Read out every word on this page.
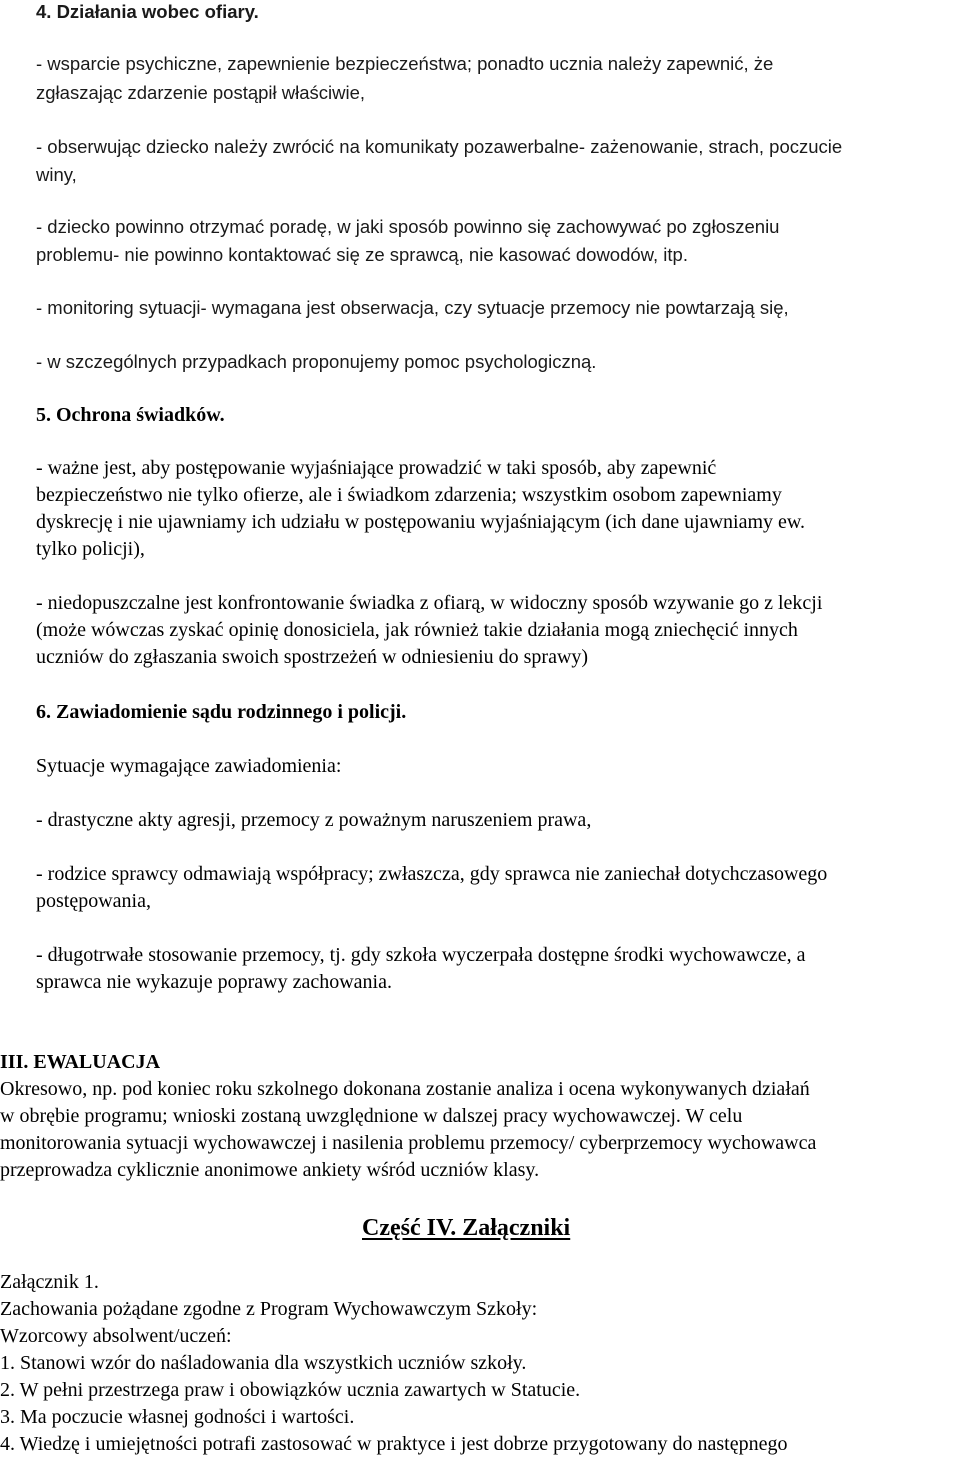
4. Działania wobec ofiary.
- wsparcie psychiczne, zapewnienie bezpieczeństwa; ponadto ucznia należy zapewnić, że
zgłaszając zdarzenie postąpił właściwie,
- obserwując dziecko należy zwrócić na komunikaty pozawerbalne- zażenowanie, strach, poczucie
winy,
- dziecko powinno otrzymać poradę, w jaki sposób powinno się zachowywać po zgłoszeniu
problemu- nie powinno kontaktować się ze sprawcą, nie kasować dowodów, itp.
- monitoring sytuacji- wymagana jest obserwacja, czy sytuacje przemocy nie powtarzają się,
- w szczególnych przypadkach proponujemy pomoc psychologiczną.
5. Ochrona świadków.
- ważne jest, aby postępowanie wyjaśniające prowadzić w taki sposób, aby zapewnić
bezpieczeństwo nie tylko ofierze, ale i świadkom zdarzenia; wszystkim osobom zapewniamy
dyskrecję i nie ujawniamy ich udziału w postępowaniu wyjaśniającym (ich dane ujawniamy ew.
tylko policji),
- niedopuszczalne jest konfrontowanie świadka z ofiarą, w widoczny sposób wzywanie go z lekcji
(może wówczas zyskać opinię donosiciela, jak również takie działania mogą zniechęcić innych
uczniów do zgłaszania swoich spostrzeżeń w odniesieniu do sprawy)
6. Zawiadomienie sądu rodzinnego i policji.
Sytuacje wymagające zawiadomienia:
- drastyczne akty agresji, przemocy z poważnym naruszeniem prawa,
- rodzice sprawcy odmawiają współpracy; zwłaszcza, gdy sprawca nie zaniechał dotychczasowego
postępowania,
- długotrwałe stosowanie przemocy, tj. gdy szkoła wyczerpała dostępne środki wychowawcze, a
sprawca nie wykazuje poprawy zachowania.
III. EWALUACJA
Okresowo, np. pod koniec roku szkolnego dokonana zostanie analiza i ocena wykonywanych działań
w obrębie programu; wnioski zostaną uwzględnione w dalszej pracy wychowawczej. W celu
monitorowania sytuacji wychowawczej i nasilenia problemu przemocy/ cyberprzemocy wychowawca
przeprowadza cyklicznie anonimowe ankiety wśród uczniów klasy.
Część IV. Załączniki
Załącznik 1.
Zachowania pożądane zgodne z Program Wychowawczym Szkoły:
Wzorcowy absolwent/uczeń:
1. Stanowi wzór do naśladowania dla wszystkich uczniów szkoły.
2. W pełni przestrzega praw i obowiązków ucznia zawartych w Statucie.
3. Ma poczucie własnej godności i wartości.
4. Wiedzę i umiejętności potrafi zastosować w praktyce i jest dobrze przygotowany do następnego
